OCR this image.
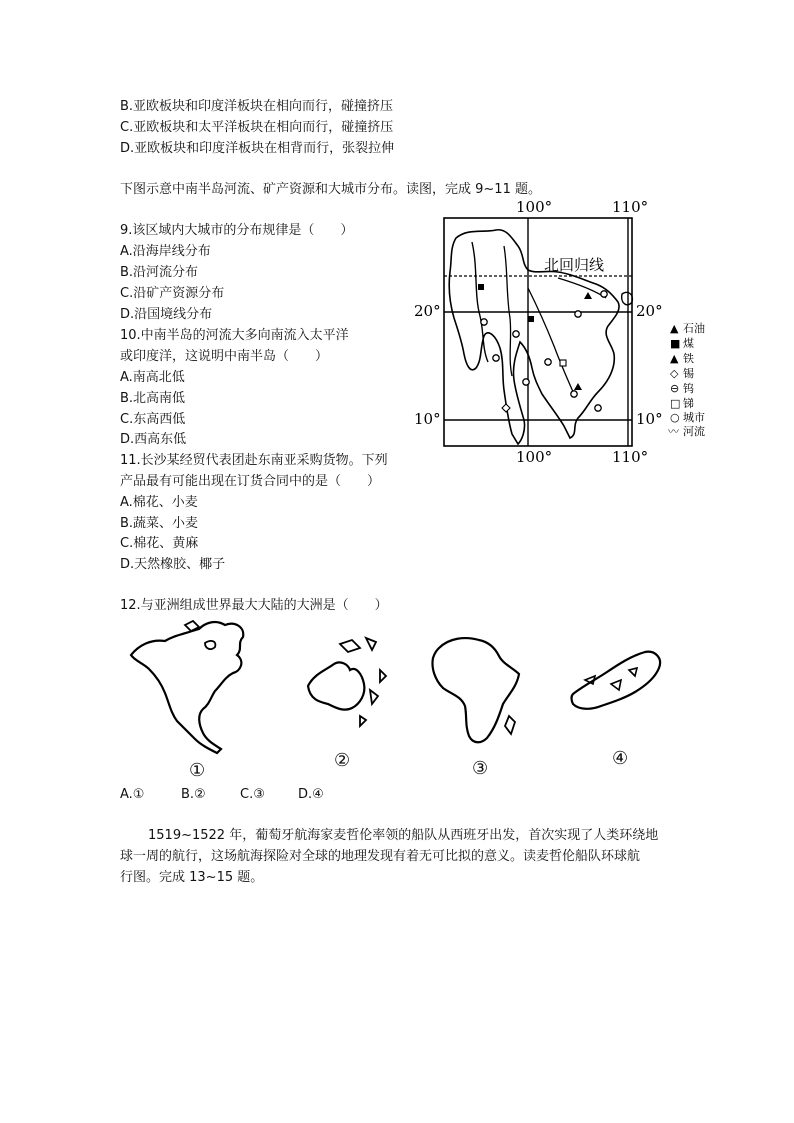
B.亚欧板块和印度洋板块在相向而行，碰撞挤压
C.亚欧板块和太平洋板块在相向而行，碰撞挤压
D.亚欧板块和印度洋板块在相背而行，张裂拉伸
下图示意中南半岛河流、矿产资源和大城市分布。读图，完成 9~11 题。
9.该区域内大城市的分布规律是（　　）
A.沿海岸线分布
B.沿河流分布
C.沿矿产资源分布
D.沿国境线分布
10.中南半岛的河流大多向南流入太平洋
或印度洋，这说明中南半岛（　　）
A.南高北低
B.北高南低
C.东高西低
D.西高东低
11.长沙某经贸代表团赴东南亚采购货物。下列
产品最有可能出现在订货合同中的是（　　）
A.棉花、小麦
B.蔬菜、小麦
C.棉花、黄麻
D.天然橡胶、椰子
100°	110°
100°	110°
20°	20°
10°	10°
北回归线
▲ 石油
■ 煤
▲ 铁
◇ 锡
⊖ 钨
□ 锑
○ 城市
〰 河流
12.与亚洲组成世界最大大陆的大洲是（　　）
①	②	③	④
A.①	B.②	C.③	D.④
1519~1522 年，葡萄牙航海家麦哲伦率领的船队从西班牙出发，首次实现了人类环绕地
球一周的航行，这场航海探险对全球的地理发现有着无可比拟的意义。读麦哲伦船队环球航
行图。完成 13~15 题。
